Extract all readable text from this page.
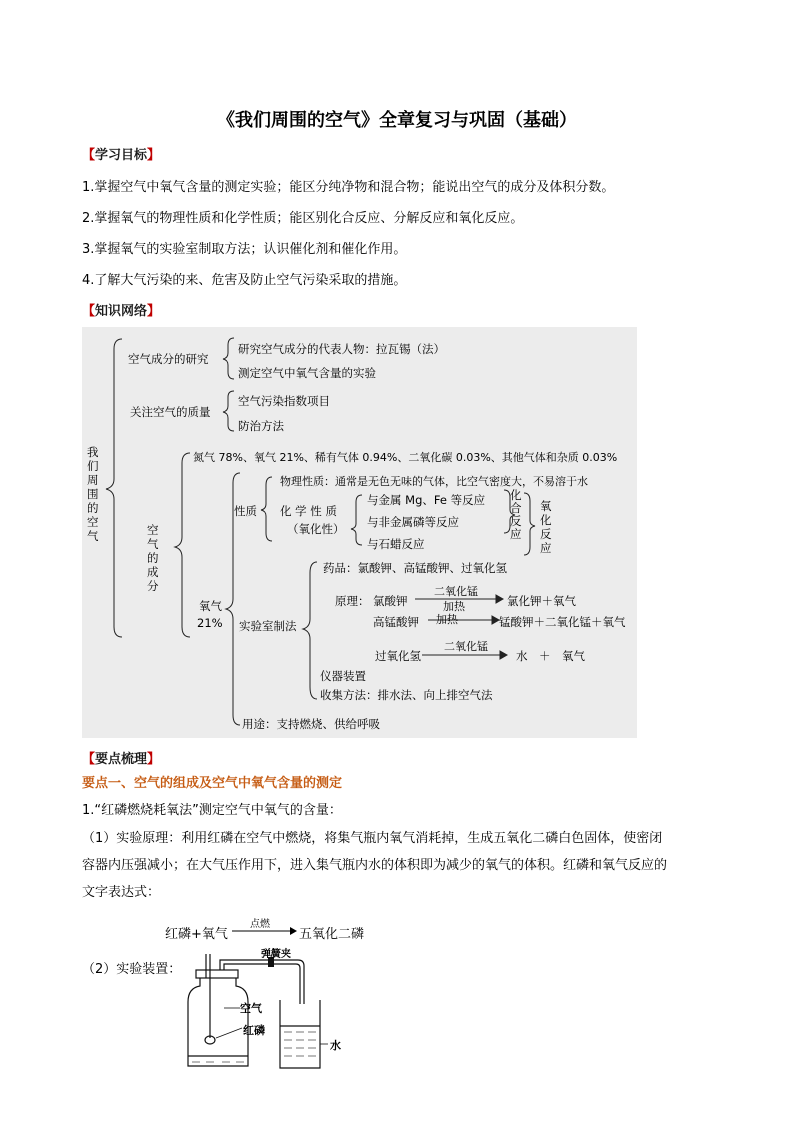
《我们周围的空气》全章复习与巩固（基础）
【学习目标】
1.掌握空气中氧气含量的测定实验；能区分纯净物和混合物；能说出空气的成分及体积分数。
2.掌握氧气的物理性质和化学性质；能区别化合反应、分解反应和氧化反应。
3.掌握氧气的实验室制取方法；认识催化剂和催化作用。
4.了解大气污染的来、危害及防止空气污染采取的措施。
【知识网络】
我们周围的空气
空气成分的研究
研究空气成分的代表人物：拉瓦锡（法）
测定空气中氧气含量的实验
关注空气的质量
空气污染指数项目
防治方法
空气的成分
氮气 78%、氧气 21%、稀有气体 0.94%、二氧化碳 0.03%、其他气体和杂质 0.03%
氧气
21%
性质
物理性质：通常是无色无味的气体，比空气密度大，不易溶于水
化 学 性 质
（氧化性）
与金属 Mg、Fe 等反应
与非金属磷等反应
与石蜡反应
化合反应
氧化反应
实验室制法
药品：氯酸钾、高锰酸钾、过氧化氢
原理： 氯酸钾
二氧化锰
加热	氯化钾＋氧气
高锰酸钾 加热	锰酸钾＋二氧化锰＋氧气
过氧化氢
二氧化锰
水　＋　氧气
仪器装置
收集方法：排水法、向上排空气法
用途：支持燃烧、供给呼吸
【要点梳理】
要点一、空气的组成及空气中氧气含量的测定
1.“红磷燃烧耗氧法”测定空气中氧气的含量：
（1）实验原理：利用红磷在空气中燃烧，将集气瓶内氧气消耗掉，生成五氧化二磷白色固体，使密闭
容器内压强减小；在大气压作用下，进入集气瓶内水的体积即为减少的氧气的体积。红磷和氧气反应的
文字表达式：
红磷+氧气
点燃
五氧化二磷
（2）实验装置：
弹簧夹
空气
红磷
水
